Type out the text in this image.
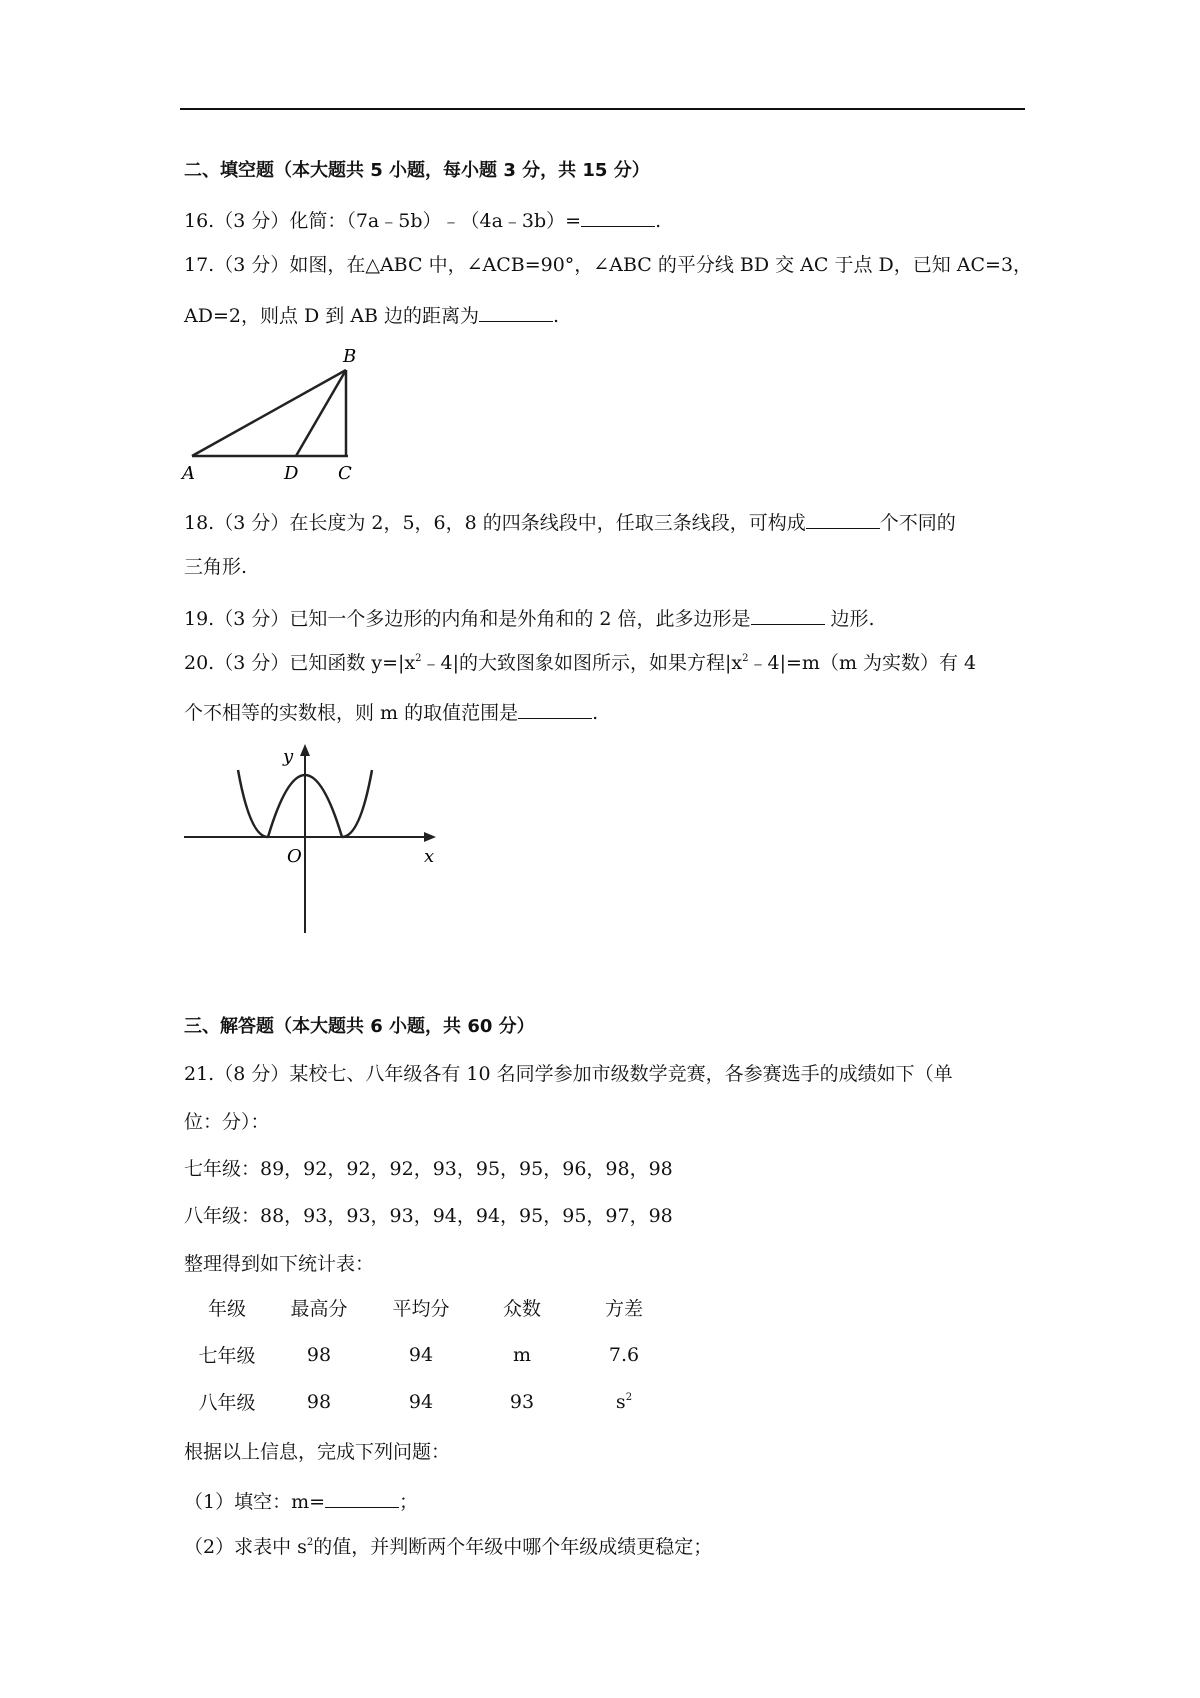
二、填空题（本大题共 5 小题，每小题 3 分，共 15 分）
16.（3 分）化简：（7a﹣5b）﹣（4a﹣3b）=	.
17.（3 分）如图，在△ABC 中，∠ACB=90°，∠ABC 的平分线 BD 交 AC 于点 D，已知 AC=3，
AD=2，则点 D 到 AB 边的距离为	.
A
B
C
D
18.（3 分）在长度为 2，5，6，8 的四条线段中，任取三条线段，可构成	个不同的
三角形.
19.（3 分）已知一个多边形的内角和是外角和的 2 倍，此多边形是	边形.
20.（3 分）已知函数 $y=|x^2﹣4|$的大致图象如图所示，如果方程$|x^2﹣4|=m(m$ 为实数）有 4
个不相等的实数根，则 m 的取值范围是	.
y
x
O
三、解答题（本大题共 6 小题，共 60 分）
21.（8 分）某校七、八年级各有 10 名同学参加市级数学竞赛，各参赛选手的成绩如下（单
位：分）：
七年级：89，92，92，92，93，95，95，96，98，98
八年级：88，93，93，93，94，94，95，95，97，98
整理得到如下统计表：
年级	最高分	平均分	众数	方差
七年级	98	94	m	7.6
八年级	98	94	93	$s^2$
根据以上信息，完成下列问题：
（1）填空：m=	；
（2）求表中 $s^2$的值，并判断两个年级中哪个年级成绩更稳定；
